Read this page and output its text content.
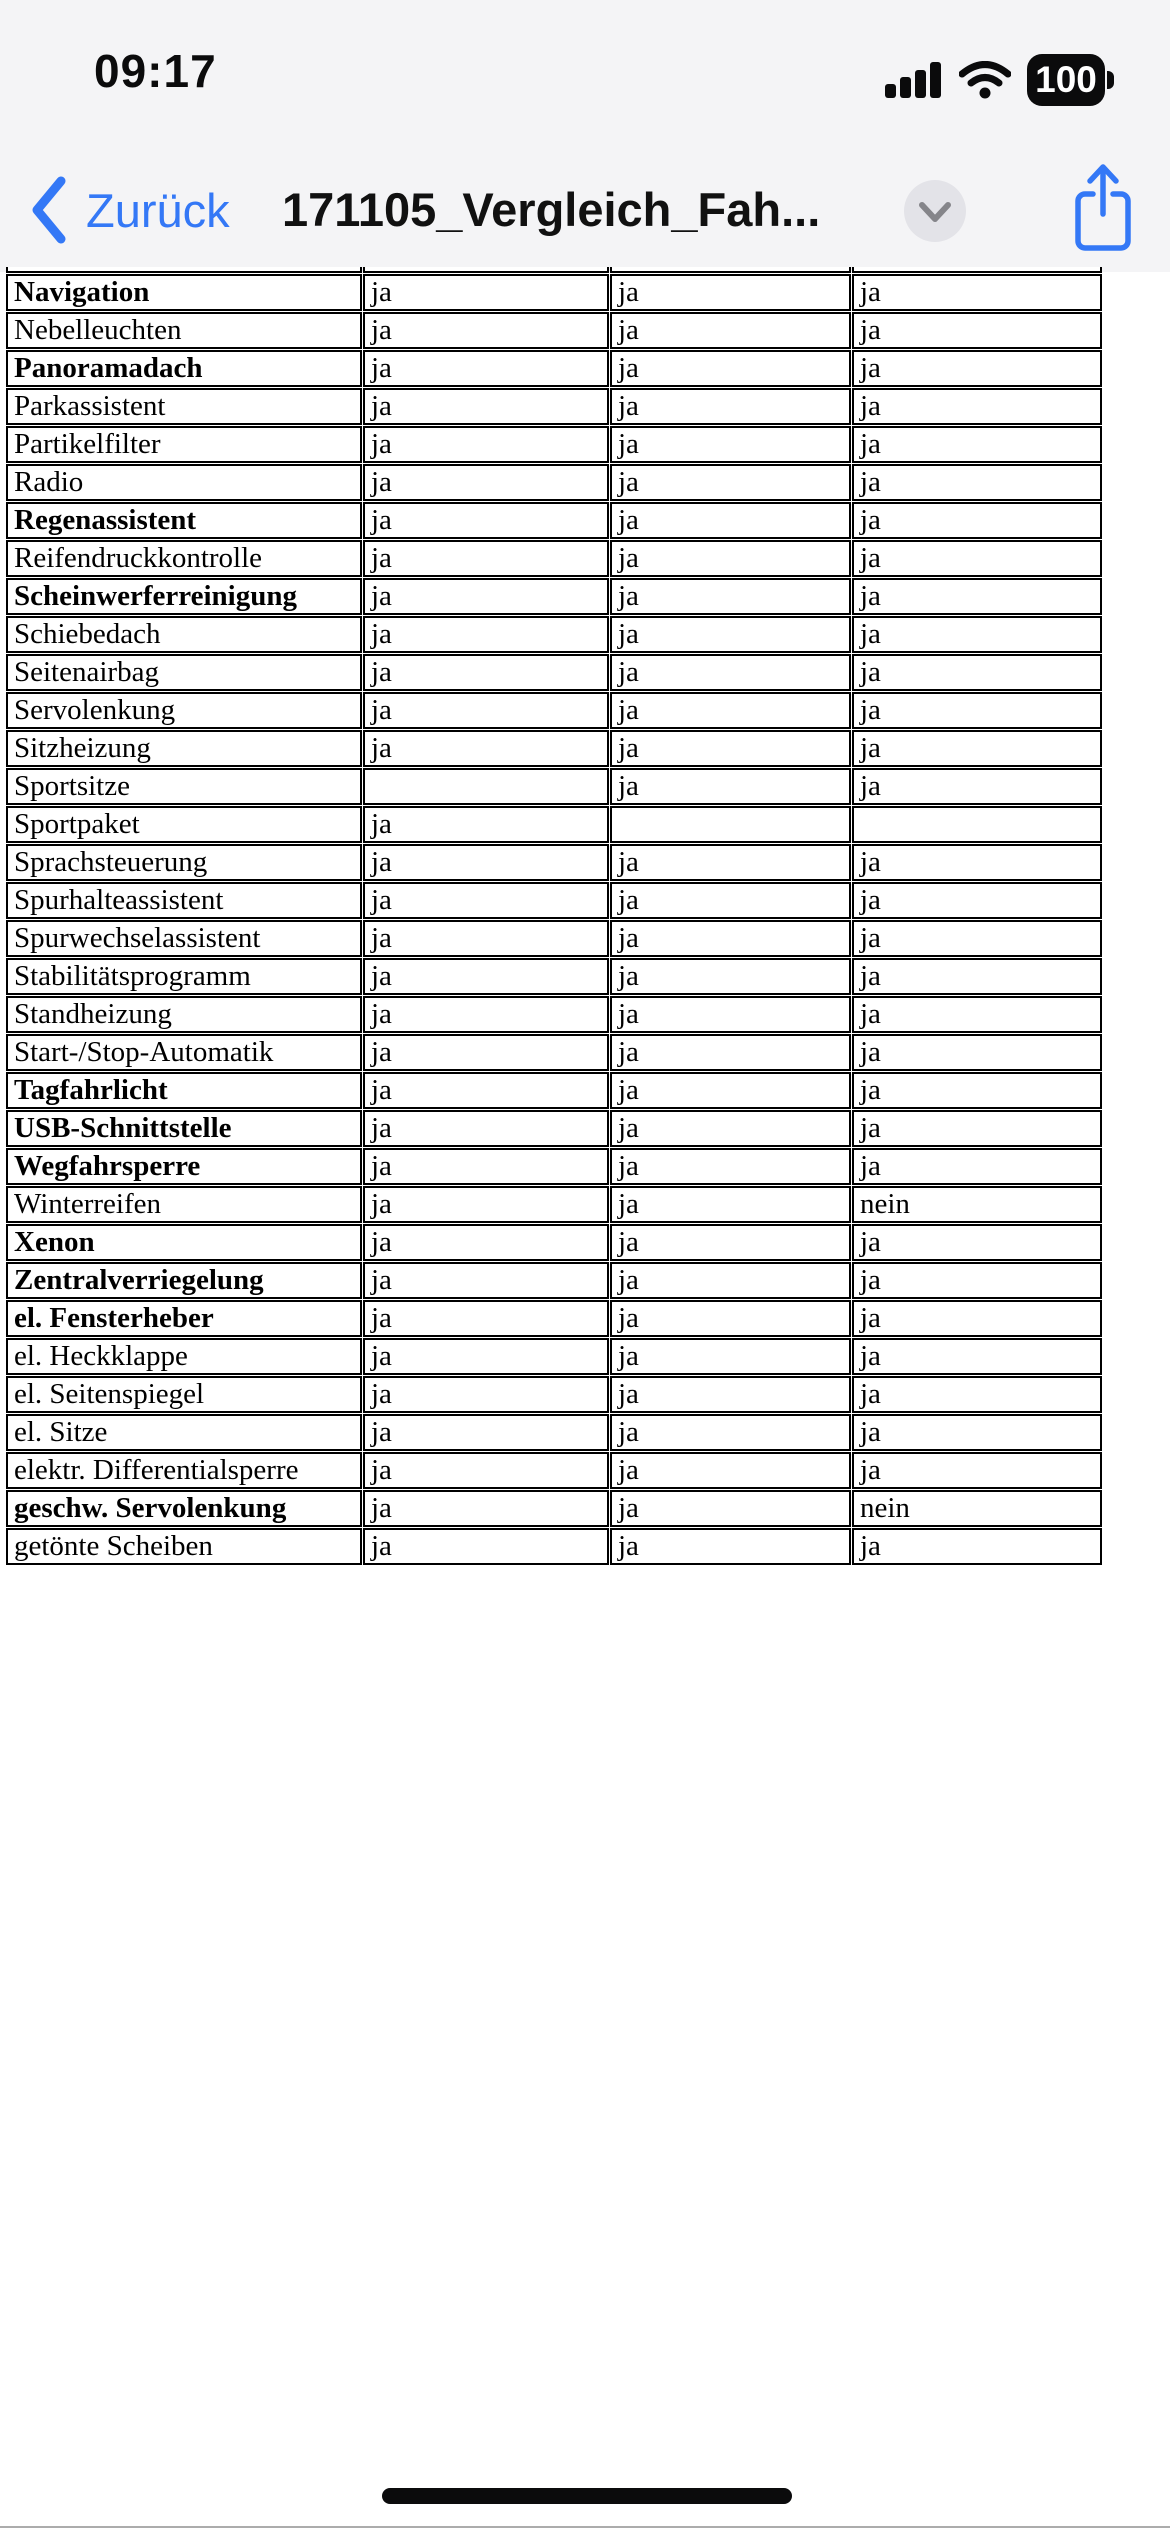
09:17	100
Zurück 171105_Vergleich_Fah...

Navigation	ja	ja	ja
Nebelleuchten	ja	ja	ja
Panoramadach	ja	ja	ja
Parkassistent	ja	ja	ja
Partikelfilter	ja	ja	ja
Radio	ja	ja	ja
Regenassistent	ja	ja	ja
Reifendruckkontrolle	ja	ja	ja
Scheinwerferreinigung	ja	ja	ja
Schiebedach	ja	ja	ja
Seitenairbag	ja	ja	ja
Servolenkung	ja	ja	ja
Sitzheizung	ja	ja	ja
Sportsitze		ja	ja
Sportpaket	ja		
Sprachsteuerung	ja	ja	ja
Spurhalteassistent	ja	ja	ja
Spurwechselassistent	ja	ja	ja
Stabilitätsprogramm	ja	ja	ja
Standheizung	ja	ja	ja
Start-/Stop-Automatik	ja	ja	ja
Tagfahrlicht	ja	ja	ja
USB-Schnittstelle	ja	ja	ja
Wegfahrsperre	ja	ja	ja
Winterreifen	ja	ja	nein
Xenon	ja	ja	ja
Zentralverriegelung	ja	ja	ja
el. Fensterheber	ja	ja	ja
el. Heckklappe	ja	ja	ja
el. Seitenspiegel	ja	ja	ja
el. Sitze	ja	ja	ja
elektr. Differentialsperre	ja	ja	ja
geschw. Servolenkung	ja	ja	nein
getönte Scheiben	ja	ja	ja
